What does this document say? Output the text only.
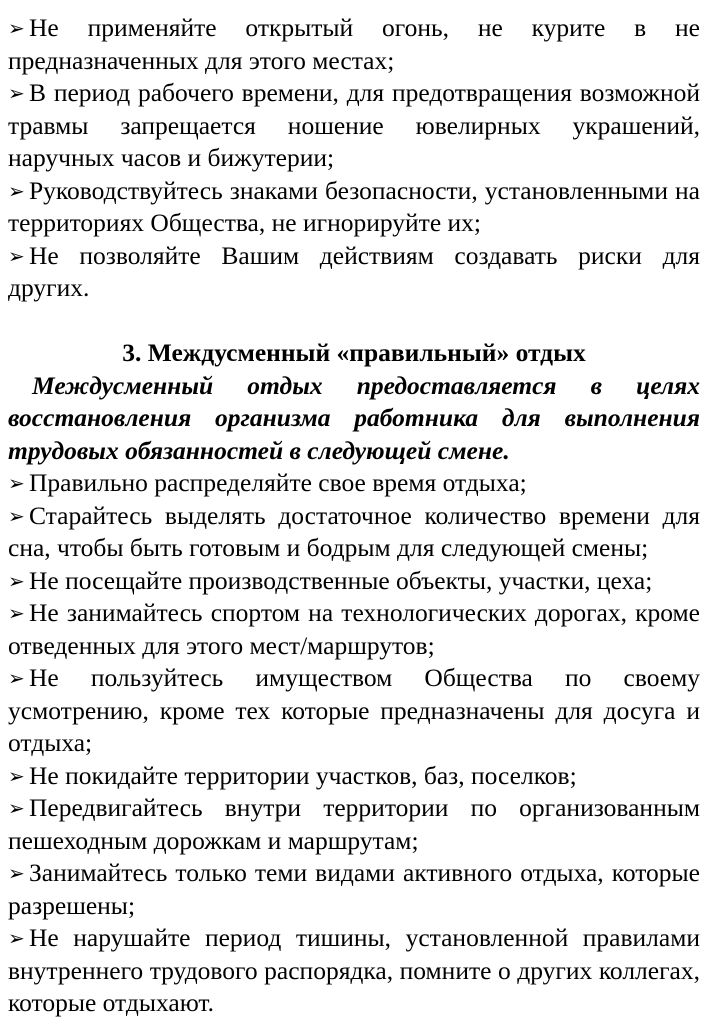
➢ Не применяйте открытый огонь, не курите в не предназначенных для этого местах;

➢ В период рабочего времени, для предотвращения возможной травмы запрещается ношение ювелирных украшений, наручных часов и бижутерии;

➢ Руководствуйтесь знаками безопасности, установленными на территориях Общества, не игнорируйте их;

➢ Не позволяйте Вашим действиям создавать риски для других.

3. Междусменный «правильный» отдых

Междусменный отдых предоставляется в целях восстановления организма работника для выполнения трудовых обязанностей в следующей смене.

➢ Правильно распределяйте свое время отдыха;

➢ Старайтесь выделять достаточное количество времени для сна, чтобы быть готовым и бодрым для следующей смены;

➢ Не посещайте производственные объекты, участки, цеха;

➢ Не занимайтесь спортом на технологических дорогах, кроме отведенных для этого мест/маршрутов;

➢ Не пользуйтесь имуществом Общества по своему усмотрению, кроме тех которые предназначены для досуга и отдыха;

➢ Не покидайте территории участков, баз, поселков;

➢ Передвигайтесь внутри территории по организованным пешеходным дорожкам и маршрутам;

➢ Занимайтесь только теми видами активного отдыха, которые разрешены;

➢ Не нарушайте период тишины, установленной правилами внутреннего трудового распорядка, помните о других коллегах, которые отдыхают.
